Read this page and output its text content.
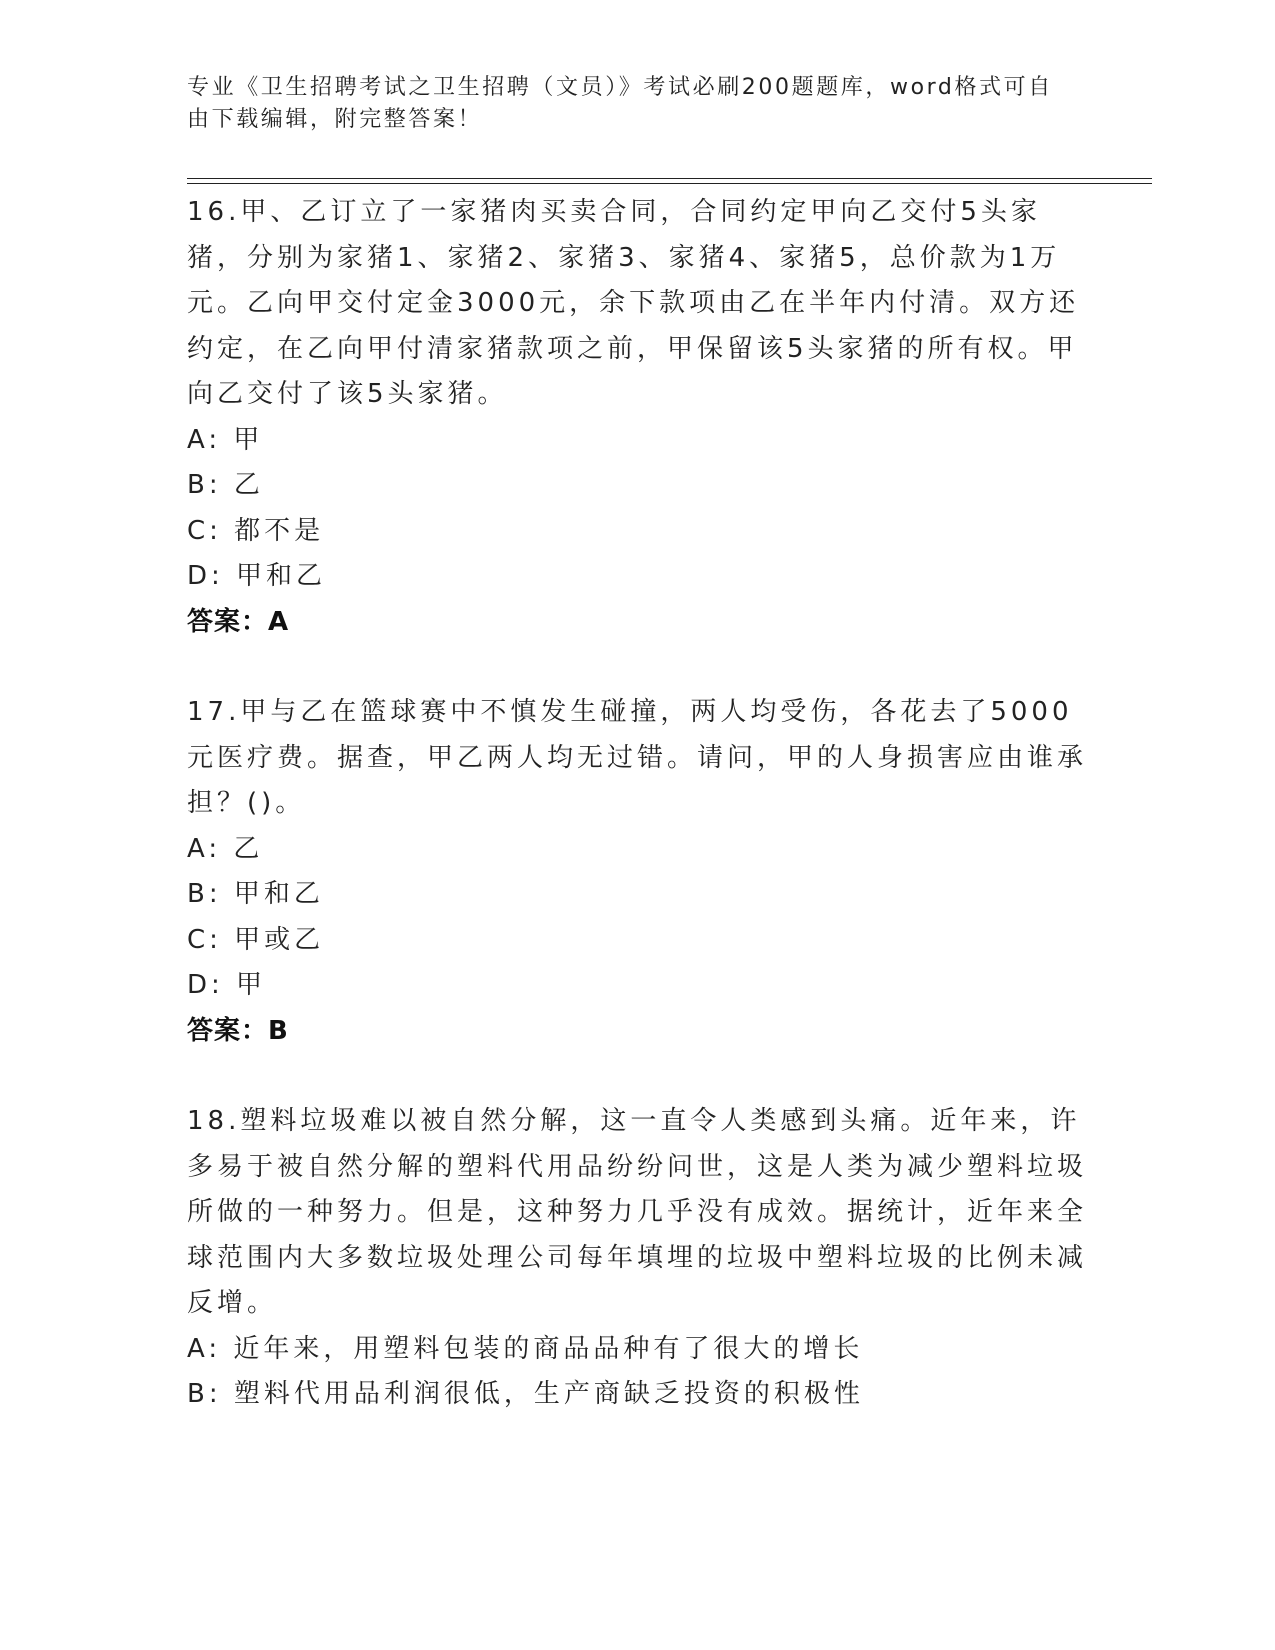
专业《卫生招聘考试之卫生招聘（文员）》考试必刷200题题库，word格式可自
由下载编辑，附完整答案！

16.甲、乙订立了一家猪肉买卖合同，合同约定甲向乙交付5头家猪，分别为家猪1、家猪2、家猪3、家猪4、家猪5，总价款为1万元。乙向甲交付定金3000元，余下款项由乙在半年内付清。双方还约定，在乙向甲付清家猪款项之前，甲保留该5头家猪的所有权。甲向乙交付了该5头家猪。

A: 甲

B: 乙

C: 都不是

D: 甲和乙

答案：A

17.甲与乙在篮球赛中不慎发生碰撞，两人均受伤，各花去了5000元医疗费。据查，甲乙两人均无过错。请问，甲的人身损害应由谁承担？()。

A: 乙

B: 甲和乙

C: 甲或乙

D: 甲

答案：B

18.塑料垃圾难以被自然分解，这一直令人类感到头痛。近年来，许多易于被自然分解的塑料代用品纷纷问世，这是人类为减少塑料垃圾所做的一种努力。但是，这种努力几乎没有成效。据统计，近年来全球范围内大多数垃圾处理公司每年填埋的垃圾中塑料垃圾的比例未减反增。

A: 近年来，用塑料包装的商品品种有了很大的增长

B: 塑料代用品利润很低，生产商缺乏投资的积极性
